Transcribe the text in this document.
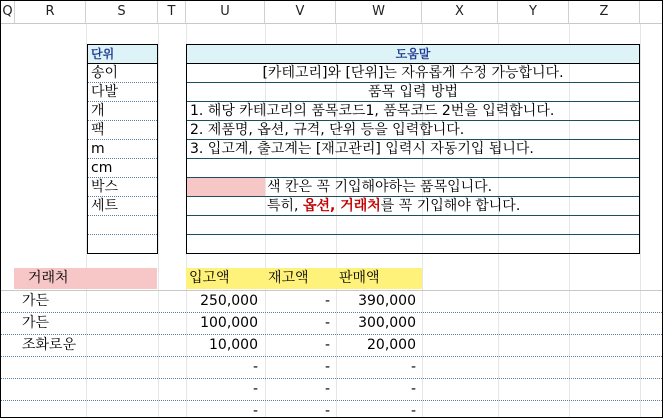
Q	R	S	T	U	V	W	X	Y	Z
단위
송이
다발
개
팩
m
cm
박스
세트
도움말
[카테고리]와 [단위]는 자유롭게 수정 가능합니다.
품목 입력 방법
1. 해당 카테고리의 품목코드1, 품목코드 2번을 입력합니다.
2. 제품명, 옵션, 규격, 단위 등을 입력합니다.
3. 입고계, 출고계는 [재고관리] 입력시 자동기입 됩니다.
색 칸은 꼭 기입해야하는 품목입니다.
특히, 옵션, 거래처를 꼭 기입해야 합니다.
거래처	입고액	재고액	판매액
가든	250,000	-	390,000
가든	100,000	-	300,000
조화로운	10,000	-	20,000
-	-	-
-	-	-
-	-	-
